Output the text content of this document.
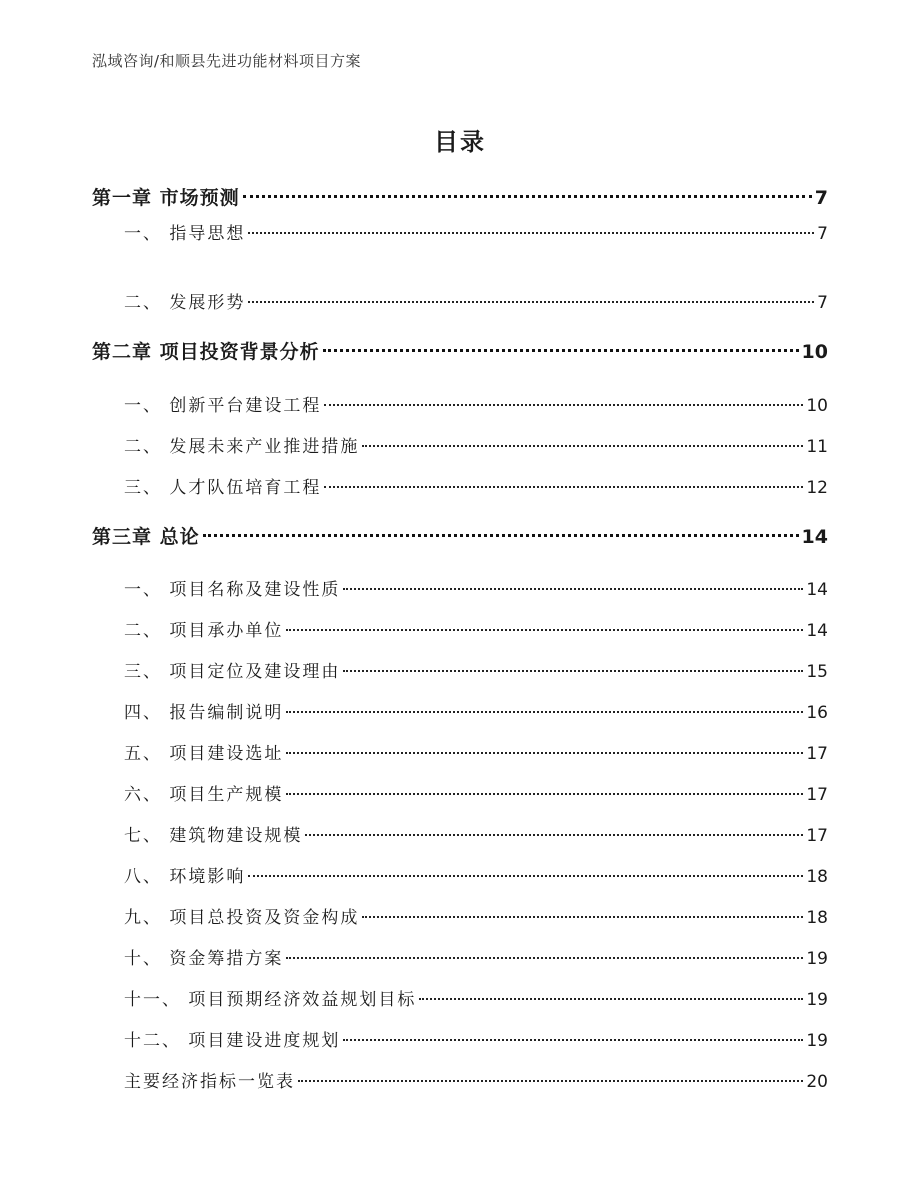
泓域咨询/和顺县先进功能材料项目方案
目录
第一章 市场预测	7
一、 指导思想	7
二、 发展形势	7
第二章 项目投资背景分析	10
一、 创新平台建设工程	10
二、 发展未来产业推进措施	11
三、 人才队伍培育工程	12
第三章 总论	14
一、 项目名称及建设性质	14
二、 项目承办单位	14
三、 项目定位及建设理由	15
四、 报告编制说明	16
五、 项目建设选址	17
六、 项目生产规模	17
七、 建筑物建设规模	17
八、 环境影响	18
九、 项目总投资及资金构成	18
十、 资金筹措方案	19
十一、 项目预期经济效益规划目标	19
十二、 项目建设进度规划	19
主要经济指标一览表	20
